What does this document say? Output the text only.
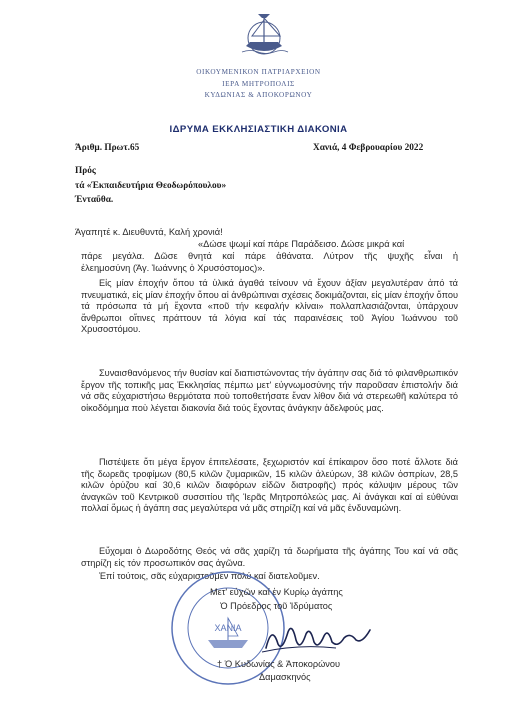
ΟΙΚΟΥΜΕΝΙΚΟΝ ΠΑΤΡΙΑΡΧΕΙΟΝ
ΙΕΡΑ ΜΗΤΡΟΠΟΛΙΣ
ΚΥΔΩΝΙΑΣ & ΑΠΟΚΟΡΩΝΟΥ
ΙΔΡΥΜΑ ΕΚΚΛΗΣΙΑΣΤΙΚΗ ΔΙΑΚΟΝΙΑ
Άριθμ. Πρωτ.65	Χανιά, 4 Φεβρουαρίου 2022
Πρός
τά «Έκπαιδευτήρια Θεοδωρόπουλου»
Ένταῦθα.
Άγαπητέ κ. Διευθυντά, Καλή χρονιά!
«Δώσε ψωμί καί πάρε Παράδεισο. Δώσε μικρά καί
πάρε μεγάλα. Δῶσε θνητά καί πάρε ἀθάνατα. Λύτρον τῆς ψυχῆς εἶναι ἡ
ἐλεημοσύνη (Άγ. Ἰωάννης ὁ Χρυσόστομος)».
Εἰς μίαν ἐποχήν ὅπου τά ὑλικά ἀγαθά τείνουν νά ἔχουν ἀξίαν μεγαλυτέραν ἀπό τά πνευματικά, εἰς μίαν ἐποχήν ὅπου αἱ ἀνθρώπιναι σχέσεις δοκιμάζονται, εἰς μίαν ἐποχήν ὅπου τά πρόσωπα τά μή ἔχοντα «ποῦ τήν κεφαλήν κλίναι» πολλαπλασιάζονται, ὑπάρχουν ἄνθρωποι οἵτινες πράττουν τά λόγια καί τάς παραινέσεις τοῦ Ἁγίου Ἰωάννου τοῦ Χρυσοστόμου.
Συναισθανόμενος τήν θυσίαν καί διαπιστώνοντας τήν ἀγάπην σας διά τό φιλανθρωπικόν ἔργον τῆς τοπικῆς μας Ἐκκλησίας πέμπω μετ' εὐγνωμοσύνης τήν παροῦσαν ἐπιστολήν διά νά σᾶς εὐχαριστήσω θερμότατα ποὺ τοποθετήσατε ἕναν λίθον διά νά στερεωθῆ καλύτερα τό οἰκοδόμημα ποὺ λέγεται διακονία διά τούς ἔχοντας ἀνάγκην ἀδελφούς μας.
Πιστέψετε ὅτι μέγα ἔργον ἐπιτελέσατε, ξεχωριστόν καί ἐπίκαιρον ὅσο ποτέ ἄλλοτε διά τῆς δωρεᾶς τροφίμων (80,5 κιλῶν ζυμαρικῶν, 15 κιλῶν ἀλεύρων, 38 κιλῶν ὀσπρίων, 28,5 κιλῶν ὀρύζου καί 30,6 κιλῶν διαφόρων εἰδῶν διατροφῆς) πρός κάλυψιν μέρους τῶν ἀναγκῶν τοῦ Κεντρικοῦ συσσιτίου τῆς Ἱερᾶς Μητροπόλεώς μας. Αἱ ἀνάγκαι καί αἱ εὐθύναι πολλαί ὅμως ἡ ἀγάπη σας μεγαλύτερα νά μᾶς στηρίζη καί νά μᾶς ἐνδυναμώνη.
Εὔχομαι ὁ Δωροδότης Θεός νά σᾶς χαρίζη τά δωρήματα τῆς ἀγάπης Του καί νά σᾶς στηρίζη εἰς τόν προσωπικόν σας ἀγῶνα.
Ἐπί τούτοις, σᾶς εὐχαριστοῦμεν πολύ καί διατελοῦμεν.
ΧΑΝΙΑ
Μετ' εὐχῶν καί ἐν Κυρίῳ ἀγάπης
Ὁ Πρόεδρος τοῦ Ἱδρύματος
† Ὁ Κυδωνίας & Ἀποκορώνου
Δαμασκηνός
